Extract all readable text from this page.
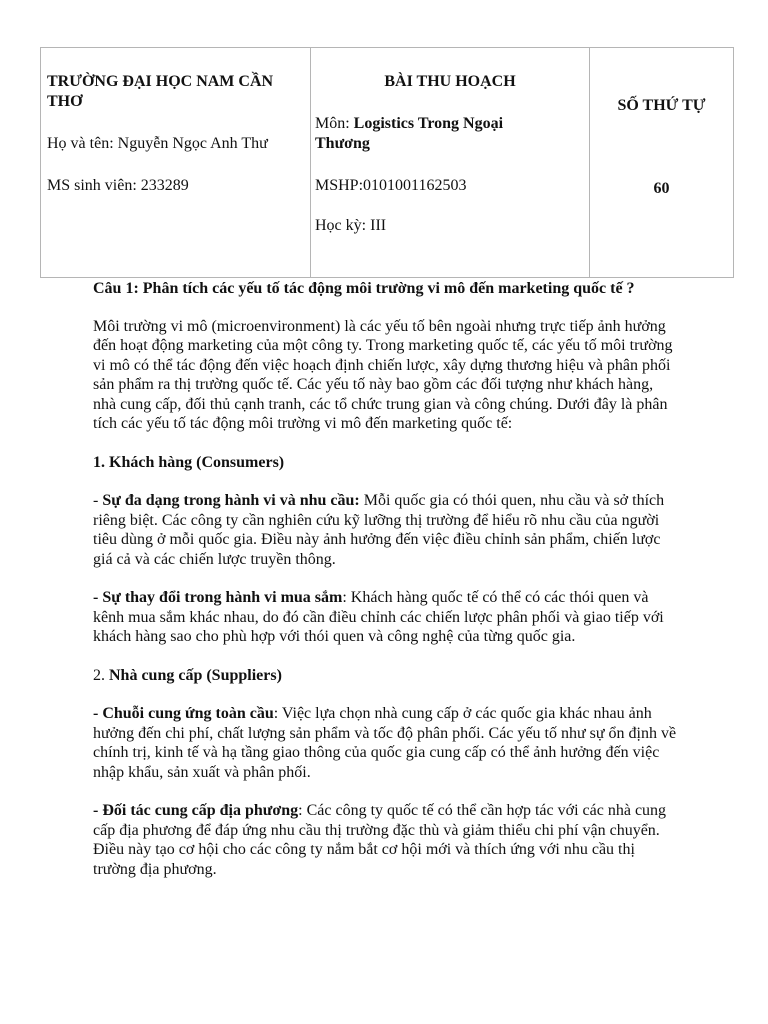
TRƯỜNG ĐẠI HỌC NAM CẦN THƠ
Họ và tên: Nguyễn Ngọc Anh Thư
MS sinh viên: 233289

BÀI THU HOẠCH
Môn: Logistics Trong Ngoại Thương
MSHP:0101001162503
Học kỳ: III

SỐ THỨ TỰ
60

Câu 1: Phân tích các yếu tố tác động môi trường vi mô đến marketing quốc tế ?

Môi trường vi mô (microenvironment) là các yếu tố bên ngoài nhưng trực tiếp ảnh hưởng đến hoạt động marketing của một công ty. Trong marketing quốc tế, các yếu tố môi trường vi mô có thể tác động đến việc hoạch định chiến lược, xây dựng thương hiệu và phân phối sản phẩm ra thị trường quốc tế. Các yếu tố này bao gồm các đối tượng như khách hàng, nhà cung cấp, đối thủ cạnh tranh, các tổ chức trung gian và công chúng. Dưới đây là phân tích các yếu tố tác động môi trường vi mô đến marketing quốc tế:

1. Khách hàng (Consumers)

- Sự đa dạng trong hành vi và nhu cầu: Mỗi quốc gia có thói quen, nhu cầu và sở thích riêng biệt. Các công ty cần nghiên cứu kỹ lưỡng thị trường để hiểu rõ nhu cầu của người tiêu dùng ở mỗi quốc gia. Điều này ảnh hưởng đến việc điều chỉnh sản phẩm, chiến lược giá cả và các chiến lược truyền thông.

- Sự thay đổi trong hành vi mua sắm: Khách hàng quốc tế có thể có các thói quen và kênh mua sắm khác nhau, do đó cần điều chỉnh các chiến lược phân phối và giao tiếp với khách hàng sao cho phù hợp với thói quen và công nghệ của từng quốc gia.

2. Nhà cung cấp (Suppliers)

- Chuỗi cung ứng toàn cầu: Việc lựa chọn nhà cung cấp ở các quốc gia khác nhau ảnh hưởng đến chi phí, chất lượng sản phẩm và tốc độ phân phối. Các yếu tố như sự ổn định về chính trị, kinh tế và hạ tầng giao thông của quốc gia cung cấp có thể ảnh hưởng đến việc nhập khẩu, sản xuất và phân phối.

- Đối tác cung cấp địa phương: Các công ty quốc tế có thể cần hợp tác với các nhà cung cấp địa phương để đáp ứng nhu cầu thị trường đặc thù và giảm thiểu chi phí vận chuyển. Điều này tạo cơ hội cho các công ty nắm bắt cơ hội mới và thích ứng với nhu cầu thị trường địa phương.
